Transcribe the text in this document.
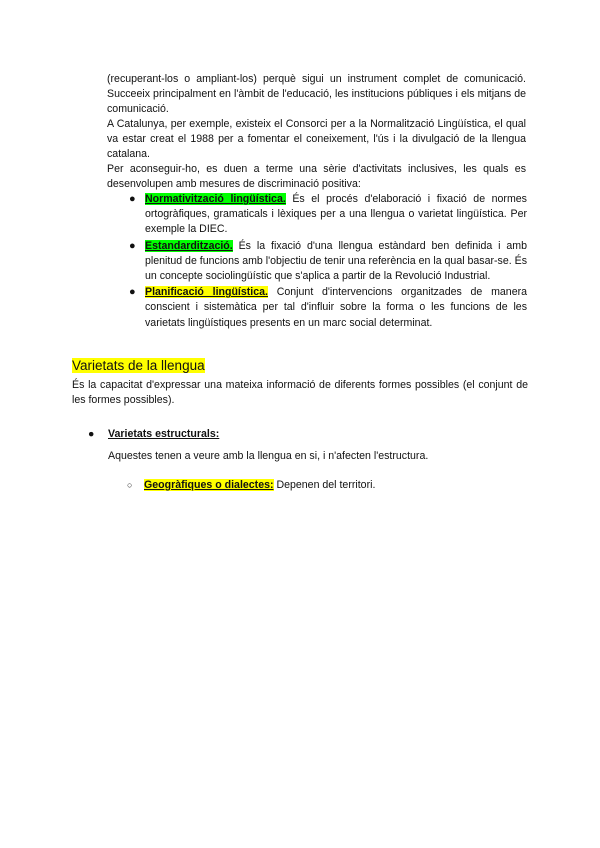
(recuperant-los o ampliant-los) perquè sigui un instrument complet de comunicació. Succeeix principalment en l'àmbit de l'educació, les institucions públiques i els mitjans de comunicació.

A Catalunya, per exemple, existeix el Consorci per a la Normalització Lingüística, el qual va estar creat el 1988 per a fomentar el coneixement, l'ús i la divulgació de la llengua catalana.

Per aconseguir-ho, es duen a terme una sèrie d'activitats inclusives, les quals es desenvolupen amb mesures de discriminació positiva:

● Normativització lingüística. És el procés d'elaboració i fixació de normes ortogràfiques, gramaticals i lèxiques per a una llengua o varietat lingüística. Per exemple la DIEC.
● Estandardització. És la fixació d'una llengua estàndard ben definida i amb plenitud de funcions amb l'objectiu de tenir una referència en la qual basar-se. És un concepte sociolingüístic que s'aplica a partir de la Revolució Industrial.
● Planificació lingüística. Conjunt d'intervencions organitzades de manera conscient i sistemàtica per tal d'influir sobre la forma o les funcions de les varietats lingüístiques presents en un marc social determinat.
Varietats de la llengua

És la capacitat d'expressar una mateixa informació de diferents formes possibles (el conjunt de les formes possibles).

● Varietats estructurals:

Aquestes tenen a veure amb la llengua en si, i n'afecten l'estructura.

○ Geogràfiques o dialectes: Depenen del territori.
